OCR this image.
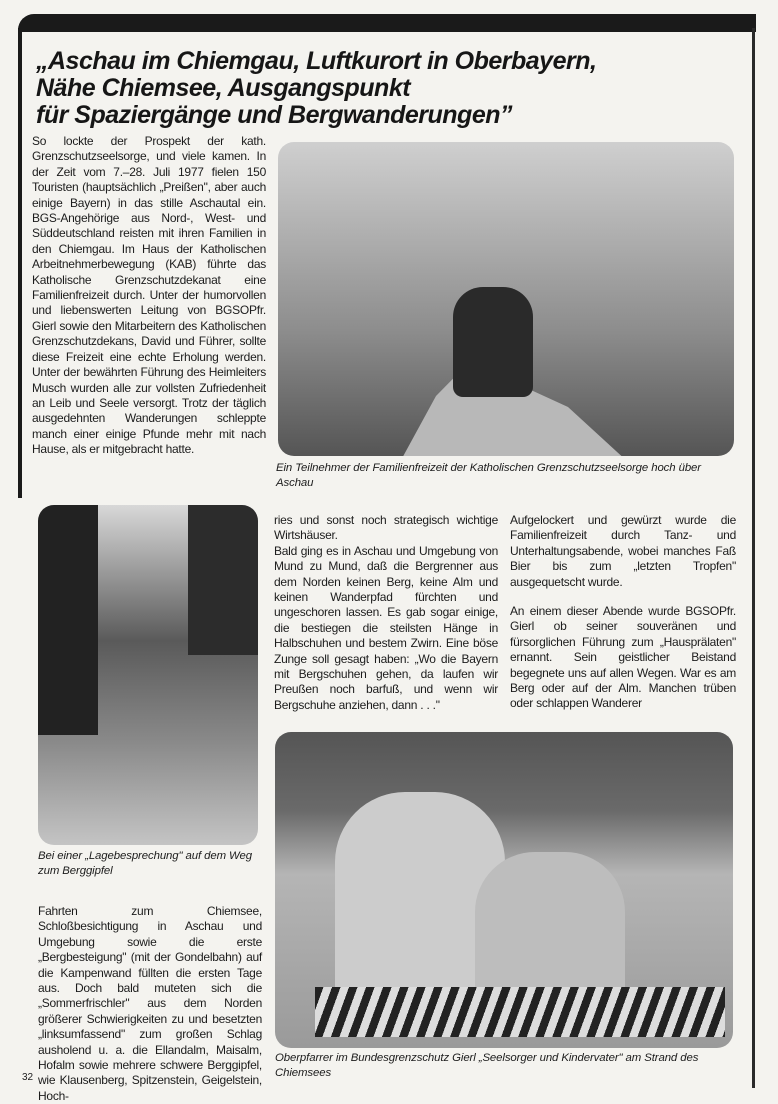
„Aschau im Chiemgau, Luftkurort in Oberbayern,
Nähe Chiemsee, Ausgangspunkt
für Spaziergänge und Bergwanderungen”

So lockte der Prospekt der kath. Grenzschutzseelsorge, und viele kamen. In der Zeit vom 7.–28. Juli 1977 fielen 150 Touristen (hauptsächlich „Preißen", aber auch einige Bayern) in das stille Aschautal ein. BGS-Angehörige aus Nord-, West- und Süddeutschland reisten mit ihren Familien in den Chiemgau. Im Haus der Katholischen Arbeitnehmerbewegung (KAB) führte das Katholische Grenzschutzdekanat eine Familienfreizeit durch. Unter der humorvollen und liebenswerten Leitung von BGSOPfr. Gierl sowie den Mitarbeitern des Katholischen Grenzschutzdekans, David und Führer, sollte diese Freizeit eine echte Erholung werden. Unter der bewährten Führung des Heimleiters Musch wurden alle zur vollsten Zufriedenheit an Leib und Seele versorgt. Trotz der täglich ausgedehnten Wanderungen schleppte manch einer einige Pfunde mehr mit nach Hause, als er mitgebracht hatte.

Ein Teilnehmer der Familienfreizeit der Katholischen Grenzschutzseelsorge hoch über Aschau
Bei einer „Lagebesprechung" auf dem Weg zum Berggipfel

Fahrten zum Chiemsee, Schloßbesichtigung in Aschau und Umgebung sowie die erste „Bergbesteigung" (mit der Gondelbahn) auf die Kampenwand füllten die ersten Tage aus. Doch bald muteten sich die „Sommerfrischler" aus dem Norden größerer Schwierigkeiten zu und besetzten „linksumfassend" zum großen Schlag ausholend u. a. die Ellandalm, Maisalm, Hofalm sowie mehrere schwere Berggipfel, wie Klausenberg, Spitzenstein, Geigelstein, Hoch-

32

ries und sonst noch strategisch wichtige Wirtshäuser.

Bald ging es in Aschau und Umgebung von Mund zu Mund, daß die Bergrenner aus dem Norden keinen Berg, keine Alm und keinen Wanderpfad fürchten und ungeschoren lassen. Es gab sogar einige, die bestiegen die steilsten Hänge in Halbschuhen und bestem Zwirn. Eine böse Zunge soll gesagt haben: „Wo die Bayern mit Bergschuhen gehen, da laufen wir Preußen noch barfuß, und wenn wir Bergschuhe anziehen, dann . . ."

Aufgelockert und gewürzt wurde die Familienfreizeit durch Tanz- und Unterhaltungsabende, wobei manches Faß Bier bis zum „letzten Tropfen" ausgequetscht wurde.

An einem dieser Abende wurde BGSOPfr. Gierl ob seiner souveränen und fürsorglichen Führung zum „Hausprälaten" ernannt. Sein geistlicher Beistand begegnete uns auf allen Wegen. War es am Berg oder auf der Alm. Manchen trüben oder schlappen Wanderer

Oberpfarrer im Bundesgrenzschutz Gierl „Seelsorger und Kindervater" am Strand des Chiemsees
